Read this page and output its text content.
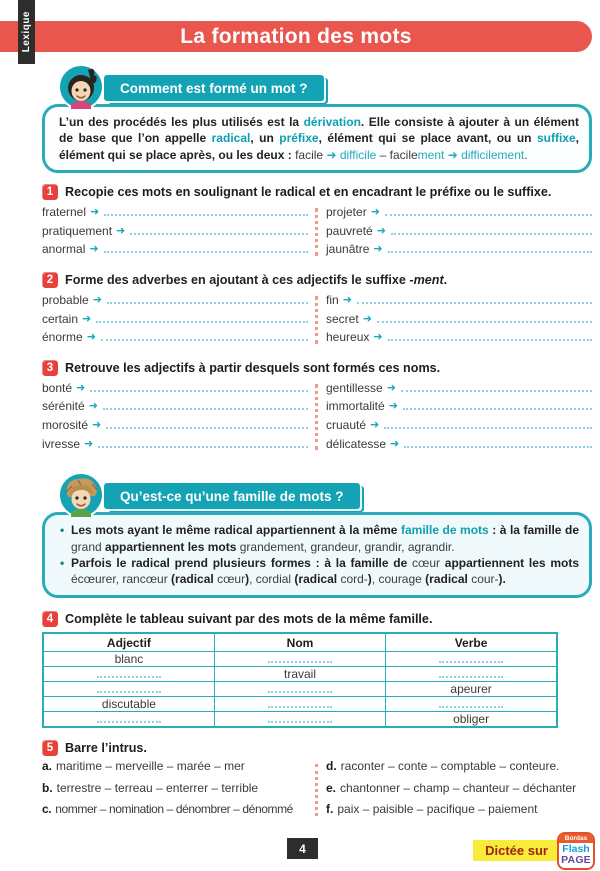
Lexique	La formation des mots
Comment est formé un mot ?
L’un des procédés les plus utilisés est la dérivation. Elle consiste à ajouter à un élément de base que l’on appelle radical, un préfixe, élément qui se place avant, ou un suffixe, élément qui se place après, ou les deux : facile ➜ difficile – facilement ➜ difficilement.
1 Recopie ces mots en soulignant le radical et en encadrant le préfixe ou le suffixe.
fraternel ➜
pratiquement ➜
anormal ➜
projeter ➜
pauvreté ➜
jaunâtre ➜
2 Forme des adverbes en ajoutant à ces adjectifs le suffixe -ment.
probable ➜
certain ➜
énorme ➜
fin ➜
secret ➜
heureux ➜
3 Retrouve les adjectifs à partir desquels sont formés ces noms.
bonté ➜
sérénité ➜
morosité ➜
ivresse ➜
gentillesse ➜
immortalité ➜
cruauté ➜
délicatesse ➜
Qu’est-ce qu’une famille de mots ?
• Les mots ayant le même radical appartiennent à la même famille de mots : à la famille de grand appartiennent les mots grandement, grandeur, grandir, agrandir.
• Parfois le radical prend plusieurs formes : à la famille de cœur appartiennent les mots écœurer, rancœur (radical cœur), cordial (radical cord-), courage (radical cour-).
4 Complète le tableau suivant par des mots de la même famille.
Adjectif	Nom	Verbe
blanc		
	travail	
		apeurer
discutable		
		obliger
5 Barre l’intrus.
a. maritime – merveille – marée – mer
b. terrestre – terreau – enterrer – terrible
c. nommer – nomination – dénombrer – dénommé
d. raconter – conte – comptable – conteure.
e. chantonner – champ – chanteur – déchanter
f. paix – paisible – pacifique – paiement
4	Dictée sur
Bordas
Flash
PAGE
